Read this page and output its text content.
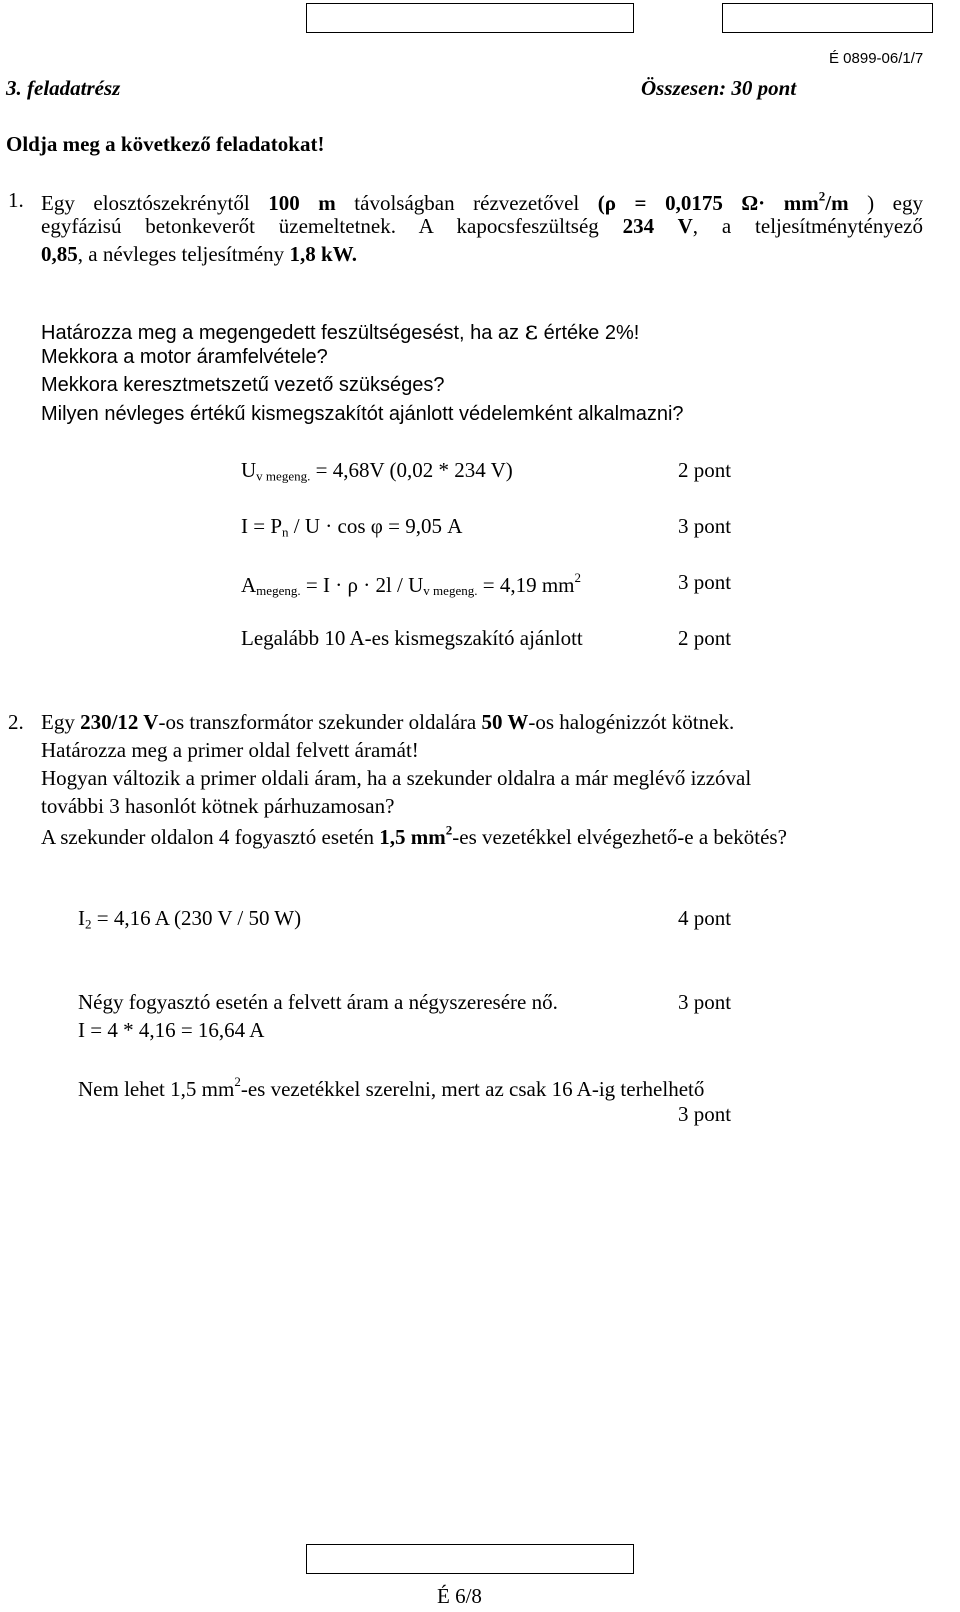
É 0899-06/1/7
3. feladatrész	Összesen: 30 pont
Oldja meg a következő feladatokat!
1. Egy elosztószekrénytől 100 m távolságban rézvezetővel (ρ = 0,0175 $\Omega\cdot mm^2/m$ ) egy
egyfázisú betonkeverőt üzemeltetnek. A kapocsfeszültség 234 V, a teljesítménytényező
0,85, a névleges teljesítmény 1,8 kW.
Határozza meg a megengedett feszültségesést, ha az ε értéke 2%!
Mekkora a motor áramfelvétele?
Mekkora keresztmetszetű vezető szükséges?
Milyen névleges értékű kismegszakítót ajánlott védelemként alkalmazni?
$U_{v megeng.} = 4,68V$ (0,02 * 234 V)	2 pont
$I = P_n / U \cdot \cos \varphi = 9,05$ A	3 pont
$A_{megeng.} = I \cdot \rho \cdot 2l / U_{v megeng.} = 4,19$ $mm^2$	3 pont
Legalább 10 A-es kismegszakító ajánlott	2 pont
2. Egy 230/12 V-os transzformátor szekunder oldalára 50 W-os halogénizzót kötnek.
Határozza meg a primer oldal felvett áramát!
Hogyan változik a primer oldali áram, ha a szekunder oldalra a már meglévő izzóval
további 3 hasonlót kötnek párhuzamosan?
A szekunder oldalon 4 fogyasztó esetén 1,5 $mm^2-es$ vezetékkel elvégezhető-e a bekötés?
$I_2 = 4,16$ A (230 V / 50 W)	4 pont
Négy fogyasztó esetén a felvett áram a négyszeresére nő.	3 pont
I = 4 * 4,16 = 16,64 A
Nem lehet 1,5 $mm^2-es$ vezetékkel szerelni, mert az csak 16 A-ig terhelhető
3 pont
É 6/8
